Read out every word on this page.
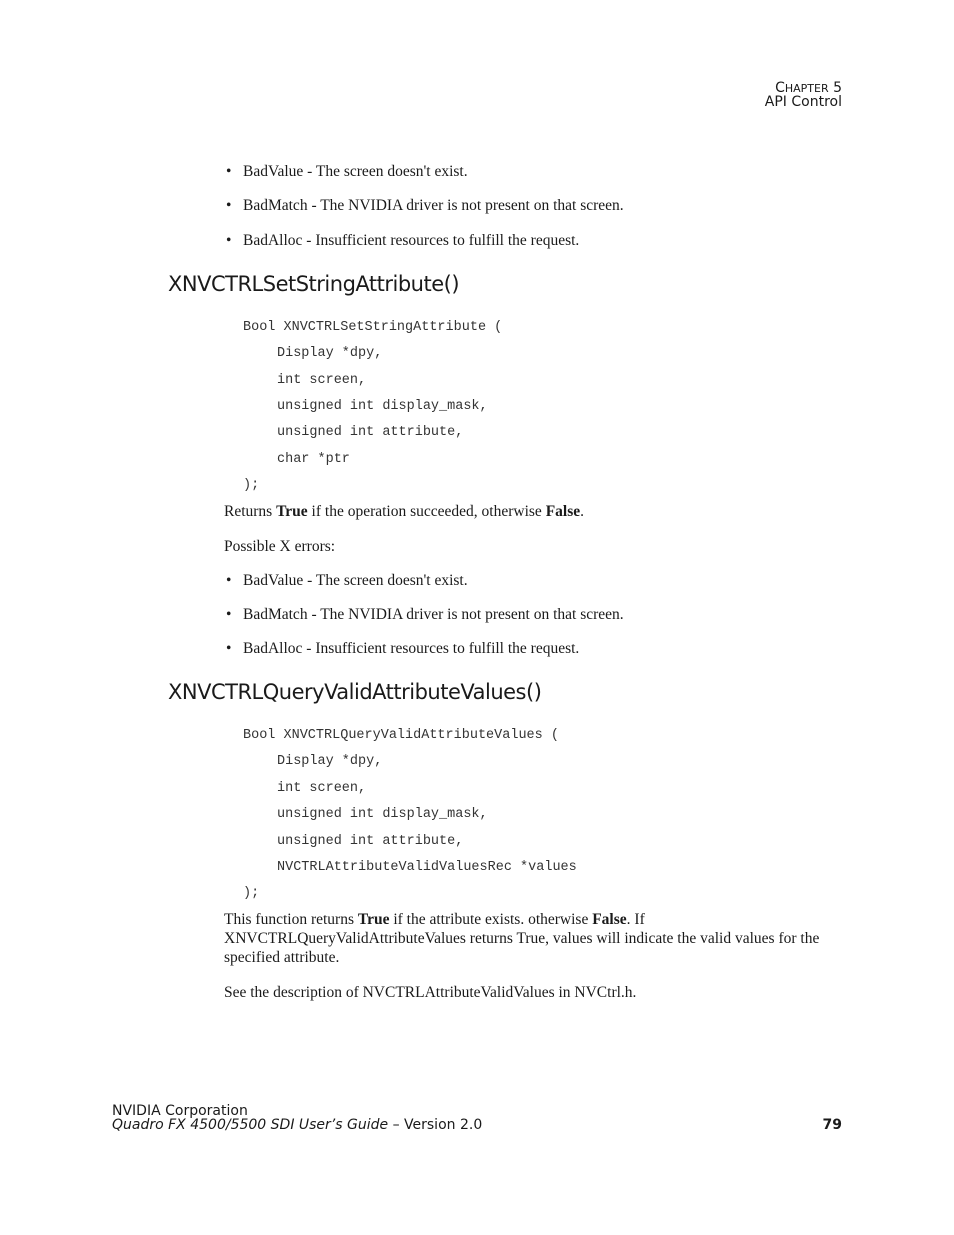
CHAPTER 5
API Control
• BadValue - The screen doesn't exist.
• BadMatch - The NVIDIA driver is not present on that screen.
• BadAlloc - Insufficient resources to fulfill the request.
XNVCTRLSetStringAttribute()
Bool XNVCTRLSetStringAttribute (
Display *dpy,
int screen,
unsigned int display_mask,
unsigned int attribute,
char *ptr
);
Returns True if the operation succeeded, otherwise False.
Possible X errors:
• BadValue - The screen doesn't exist.
• BadMatch - The NVIDIA driver is not present on that screen.
• BadAlloc - Insufficient resources to fulfill the request.
XNVCTRLQueryValidAttributeValues()
Bool XNVCTRLQueryValidAttributeValues (
Display *dpy,
int screen,
unsigned int display_mask,
unsigned int attribute,
NVCTRLAttributeValidValuesRec *values
);
This function returns True if the attribute exists. otherwise False. If XNVCTRLQueryValidAttributeValues returns True, values will indicate the valid values for the specified attribute.
See the description of NVCTRLAttributeValidValues in NVCtrl.h.
NVIDIA Corporation
Quadro FX 4500/5500 SDI User’s Guide – Version 2.0	79
